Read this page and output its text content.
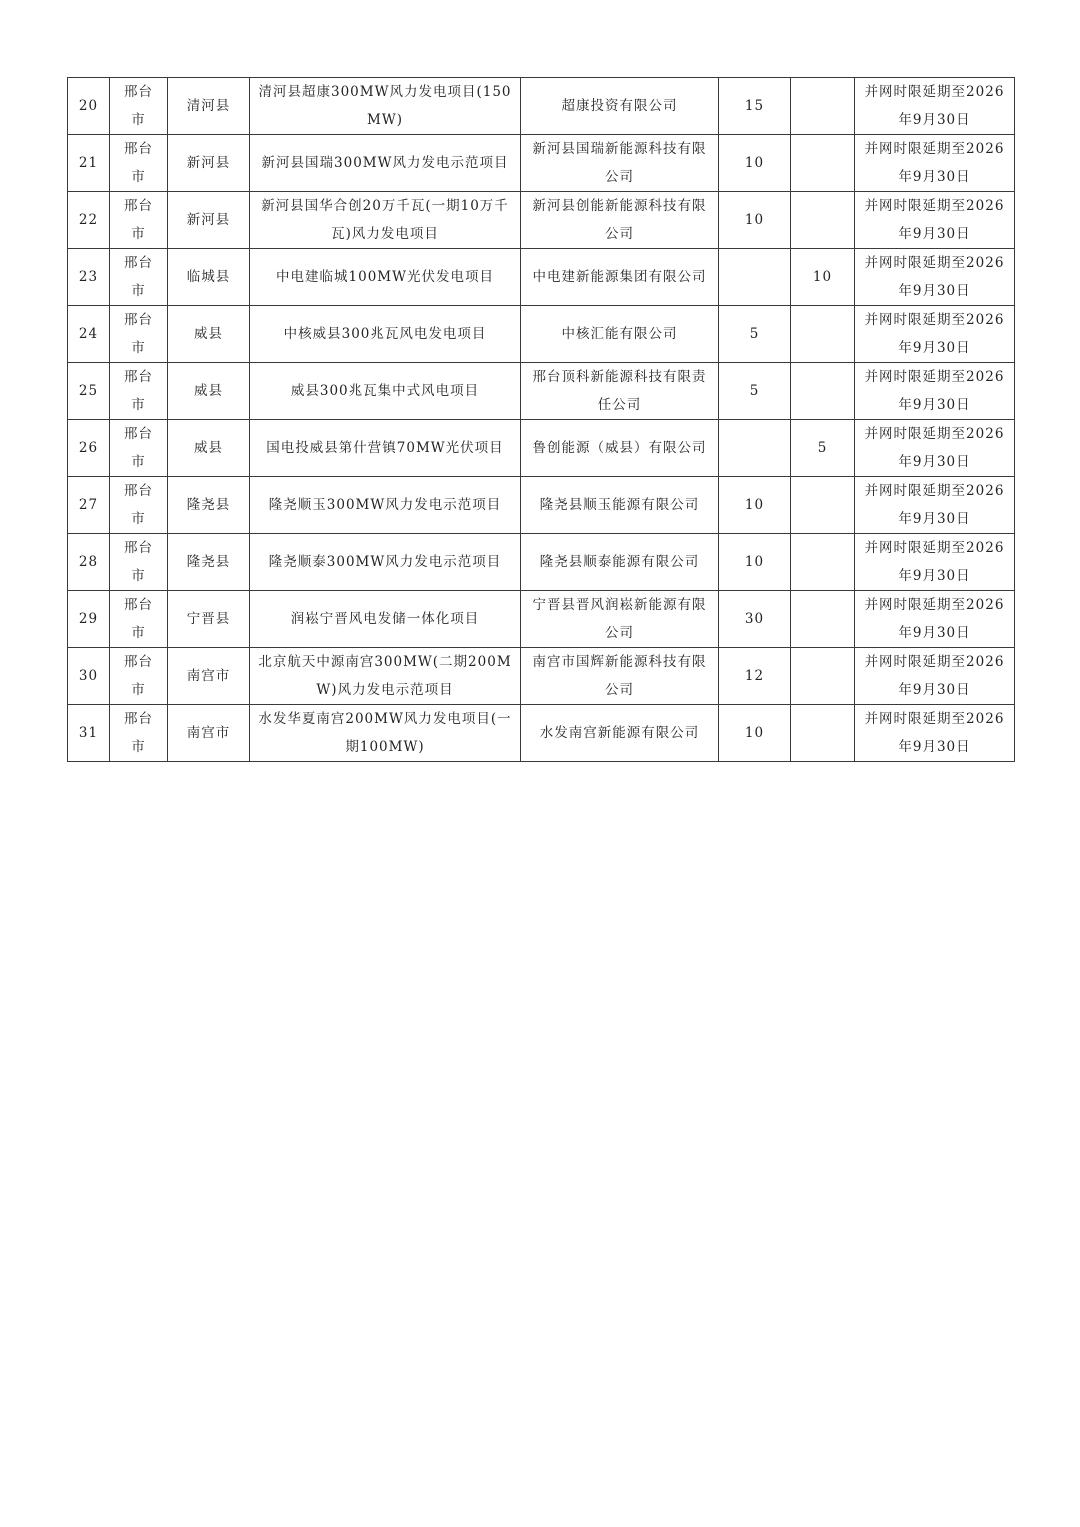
20	邢台市	清河县	清河县超康300MW风力发电项目(150MW)	超康投资有限公司	15		并网时限延期至2026年9月30日
21	邢台市	新河县	新河县国瑞300MW风力发电示范项目	新河县国瑞新能源科技有限公司	10		并网时限延期至2026年9月30日
22	邢台市	新河县	新河县国华合创20万千瓦(一期10万千瓦)风力发电项目	新河县创能新能源科技有限公司	10		并网时限延期至2026年9月30日
23	邢台市	临城县	中电建临城100MW光伏发电项目	中电建新能源集团有限公司		10	并网时限延期至2026年9月30日
24	邢台市	威县	中核威县300兆瓦风电发电项目	中核汇能有限公司	5		并网时限延期至2026年9月30日
25	邢台市	威县	威县300兆瓦集中式风电项目	邢台顶科新能源科技有限责任公司	5		并网时限延期至2026年9月30日
26	邢台市	威县	国电投威县第什营镇70MW光伏项目	鲁创能源（威县）有限公司		5	并网时限延期至2026年9月30日
27	邢台市	隆尧县	隆尧顺玉300MW风力发电示范项目	隆尧县顺玉能源有限公司	10		并网时限延期至2026年9月30日
28	邢台市	隆尧县	隆尧顺泰300MW风力发电示范项目	隆尧县顺泰能源有限公司	10		并网时限延期至2026年9月30日
29	邢台市	宁晋县	润崧宁晋风电发储一体化项目	宁晋县晋风润崧新能源有限公司	30		并网时限延期至2026年9月30日
30	邢台市	南宫市	北京航天中源南宫300MW(二期200MW)风力发电示范项目	南宫市国辉新能源科技有限公司	12		并网时限延期至2026年9月30日
31	邢台市	南宫市	水发华夏南宫200MW风力发电项目(一期100MW)	水发南宫新能源有限公司	10		并网时限延期至2026年9月30日
